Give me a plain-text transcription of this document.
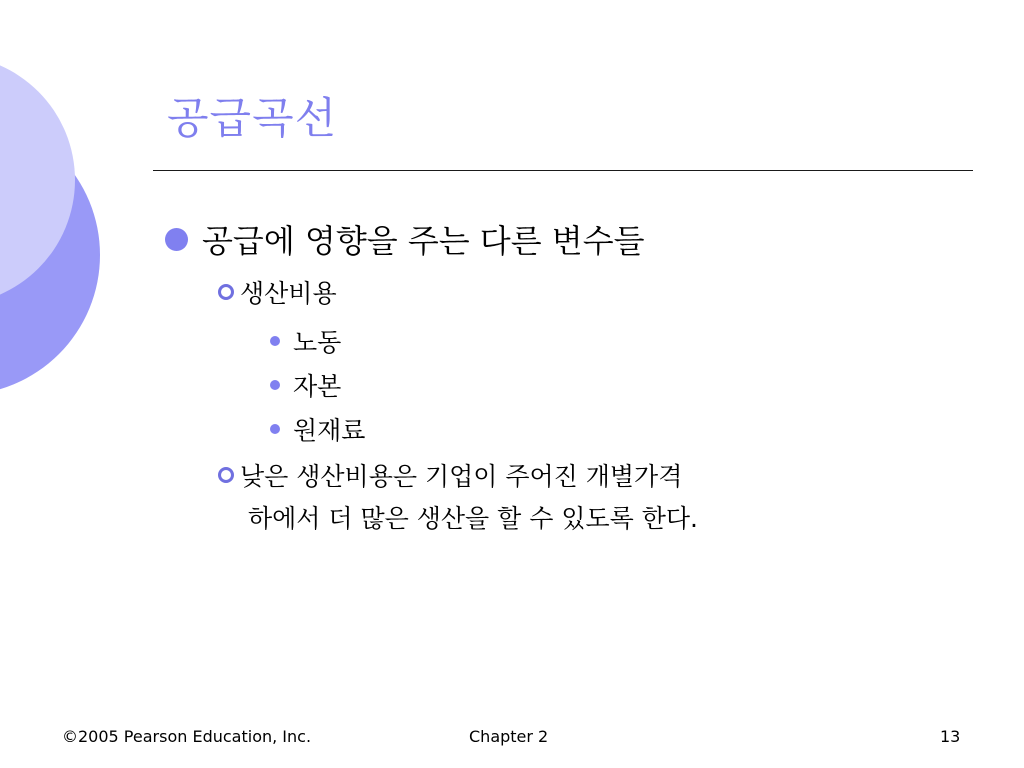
공급곡선
공급에 영향을 주는 다른 변수들
생산비용
노동
자본
원재료
낮은 생산비용은 기업이 주어진 개별가격
하에서 더 많은 생산을 할 수 있도록 한다.
©2005 Pearson Education, Inc.	Chapter 2	13
